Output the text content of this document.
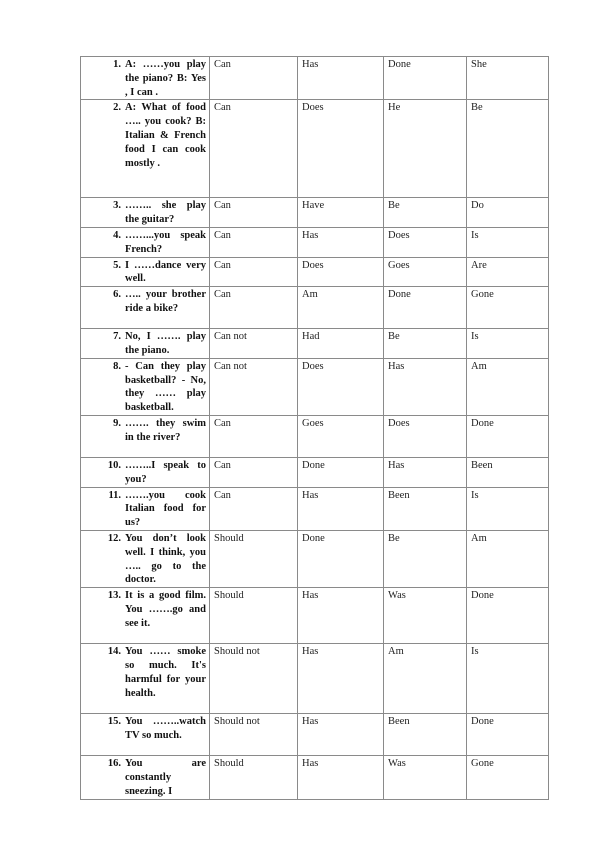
1. A: ……you play the piano? B: Yes , I can .	Can	Has	Done	She

2. A: What of food ….. you cook? B: Italian & French food I can cook mostly .	Can	Does	He	Be

3. …….. she play the guitar?	Can	Have	Be	Do

4. ……...you speak French?	Can	Has	Does	Is

5. I ……dance very well.	Can	Does	Goes	Are

6. ….. your brother ride a bike?	Can	Am	Done	Gone

7. No, I ……. play the piano.	Can not	Had	Be	Is

8. - Can they play basketball? - No, they …… play basketball.	Can not	Does	Has	Am

9. ……. they swim in the river?	Can	Goes	Does	Done

10. ……..I speak to you?	Can	Done	Has	Been

11. …….you cook Italian food for us?	Can	Has	Been	Is

12. You don’t look well. I think, you ….. go to the doctor.	Should	Done	Be	Am

13. It is a good film. You …….go and see it.	Should	Has	Was	Done

14. You …… smoke so much. It's harmful for your health.	Should not	Has	Am	Is

15. You ……..watch TV so much.	Should not	Has	Been	Done

16. You are constantly sneezing. I	Should	Has	Was	Gone
